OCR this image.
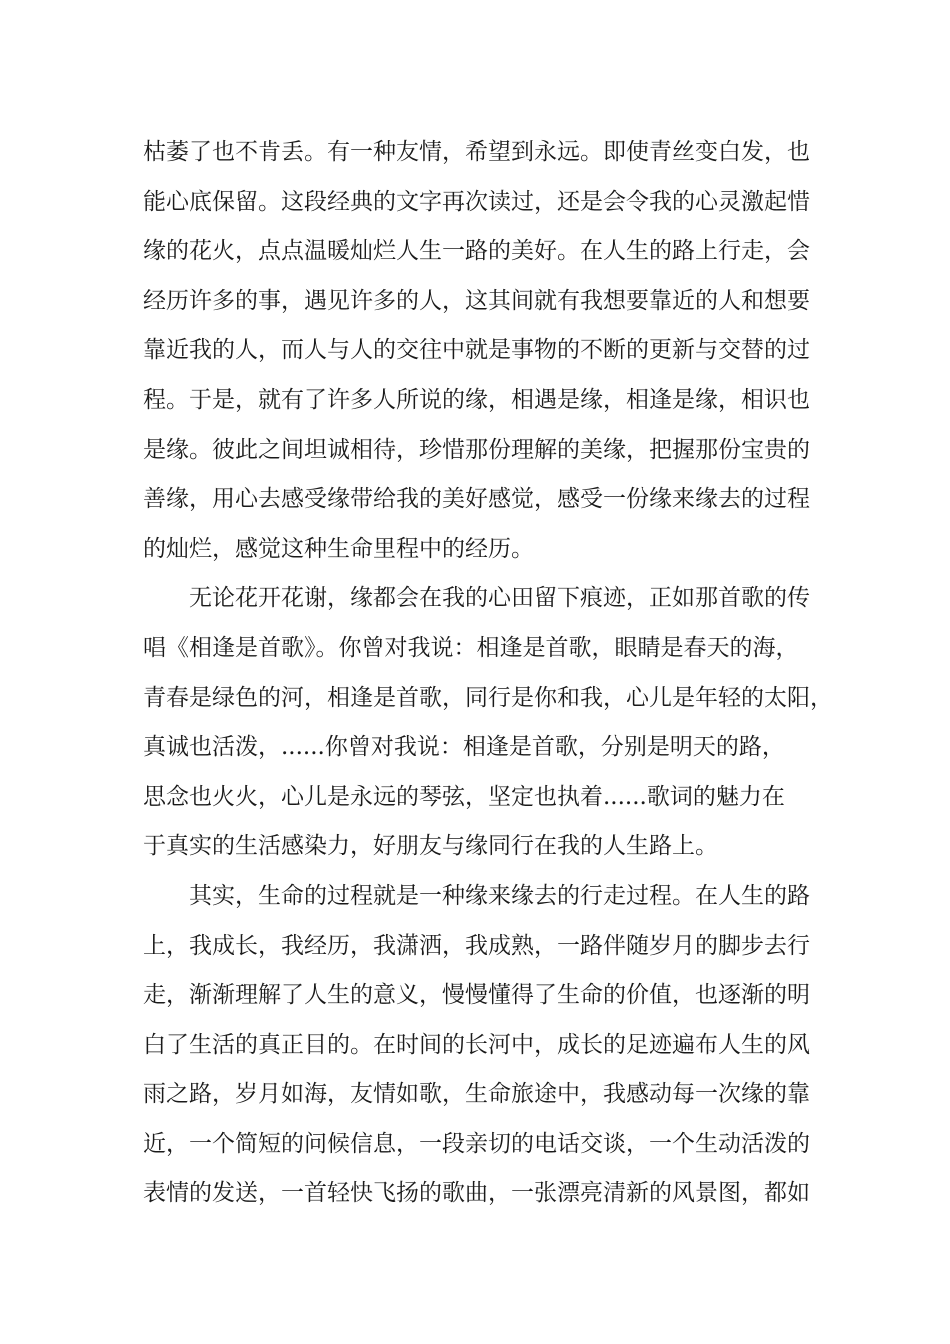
枯萎了也不肯丢。有一种友情，希望到永远。即使青丝变白发，也
能心底保留。这段经典的文字再次读过，还是会令我的心灵激起惜
缘的花火，点点温暖灿烂人生一路的美好。在人生的路上行走，会
经历许多的事，遇见许多的人，这其间就有我想要靠近的人和想要
靠近我的人，而人与人的交往中就是事物的不断的更新与交替的过
程。于是，就有了许多人所说的缘，相遇是缘，相逢是缘，相识也
是缘。彼此之间坦诚相待，珍惜那份理解的美缘，把握那份宝贵的
善缘，用心去感受缘带给我的美好感觉，感受一份缘来缘去的过程
的灿烂，感觉这种生命里程中的经历。
无论花开花谢，缘都会在我的心田留下痕迹，正如那首歌的传
唱《相逢是首歌》。你曾对我说：相逢是首歌，眼睛是春天的海，
青春是绿色的河，相逢是首歌，同行是你和我，心儿是年轻的太阳，
真诚也活泼，......你曾对我说：相逢是首歌，分别是明天的路，
思念也火火，心儿是永远的琴弦，坚定也执着......歌词的魅力在
于真实的生活感染力，好朋友与缘同行在我的人生路上。
其实，生命的过程就是一种缘来缘去的行走过程。在人生的路
上，我成长，我经历，我潇洒，我成熟，一路伴随岁月的脚步去行
走，渐渐理解了人生的意义，慢慢懂得了生命的价值，也逐渐的明
白了生活的真正目的。在时间的长河中，成长的足迹遍布人生的风
雨之路，岁月如海，友情如歌，生命旅途中，我感动每一次缘的靠
近，一个简短的问候信息，一段亲切的电话交谈，一个生动活泼的
表情的发送，一首轻快飞扬的歌曲，一张漂亮清新的风景图，都如
